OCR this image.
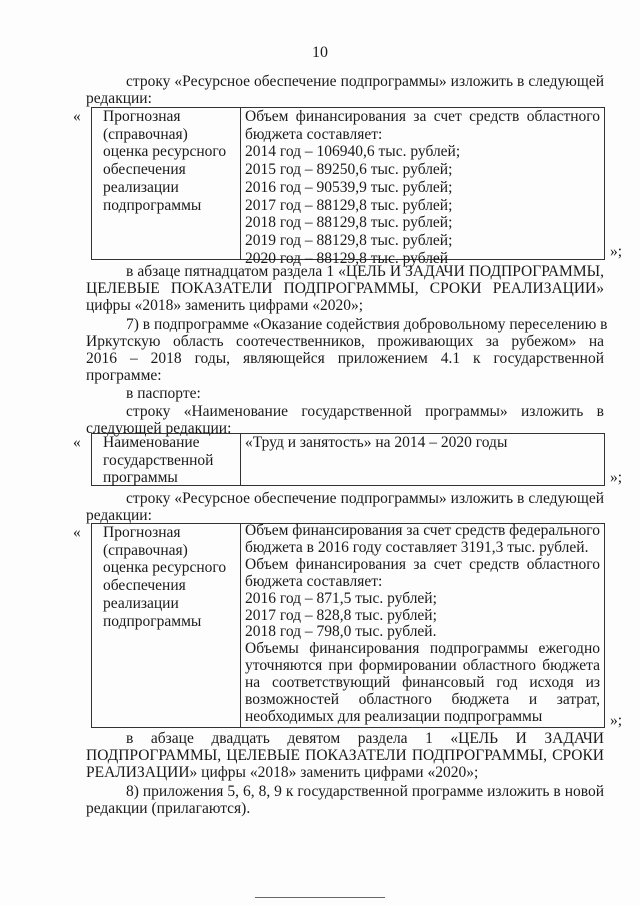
10
строку «Ресурсное обеспечение подпрограммы» изложить в следующей
редакции:
« Прогнозная
(справочная)
оценка ресурсного
обеспечения
реализации
подпрограммы
Объем финансирования за счет средств областного
бюджета составляет:
2014 год – 106940,6 тыс. рублей;
2015 год – 89250,6 тыс. рублей;
2016 год – 90539,9 тыс. рублей;
2017 год – 88129,8 тыс. рублей;
2018 год – 88129,8 тыс. рублей;
2019 год – 88129,8 тыс. рублей;
2020 год – 88129,8 тыс. рублей	»;
в абзаце пятнадцатом раздела 1 «ЦЕЛЬ И ЗАДАЧИ ПОДПРОГРАММЫ,
ЦЕЛЕВЫЕ ПОКАЗАТЕЛИ ПОДПРОГРАММЫ, СРОКИ РЕАЛИЗАЦИИ»
цифры «2018» заменить цифрами «2020»;
7) в подпрограмме «Оказание содействия добровольному переселению в
Иркутскую область соотечественников, проживающих за рубежом» на
2016 – 2018 годы, являющейся приложением 4.1 к государственной
программе:
в паспорте:
строку «Наименование государственной программы» изложить в
следующей редакции:
« Наименование
государственной
программы
«Труд и занятость» на 2014 – 2020 годы
»;
строку «Ресурсное обеспечение подпрограммы» изложить в следующей
редакции:
« Прогнозная
(справочная)
оценка ресурсного
обеспечения
реализации
подпрограммы
Объем финансирования за счет средств федерального
бюджета в 2016 году составляет 3191,3 тыс. рублей.
Объем финансирования за счет средств областного
бюджета составляет:
2016 год – 871,5 тыс. рублей;
2017 год – 828,8 тыс. рублей;
2018 год – 798,0 тыс. рублей.
Объемы финансирования подпрограммы ежегодно
уточняются при формировании областного бюджета
на соответствующий финансовый год исходя из
возможностей областного бюджета и затрат,
необходимых для реализации подпрограммы	»;
в абзаце двадцать девятом раздела 1 «ЦЕЛЬ И ЗАДАЧИ
ПОДПРОГРАММЫ, ЦЕЛЕВЫЕ ПОКАЗАТЕЛИ ПОДПРОГРАММЫ, СРОКИ
РЕАЛИЗАЦИИ» цифры «2018» заменить цифрами «2020»;
8) приложения 5, 6, 8, 9 к государственной программе изложить в новой
редакции (прилагаются).
